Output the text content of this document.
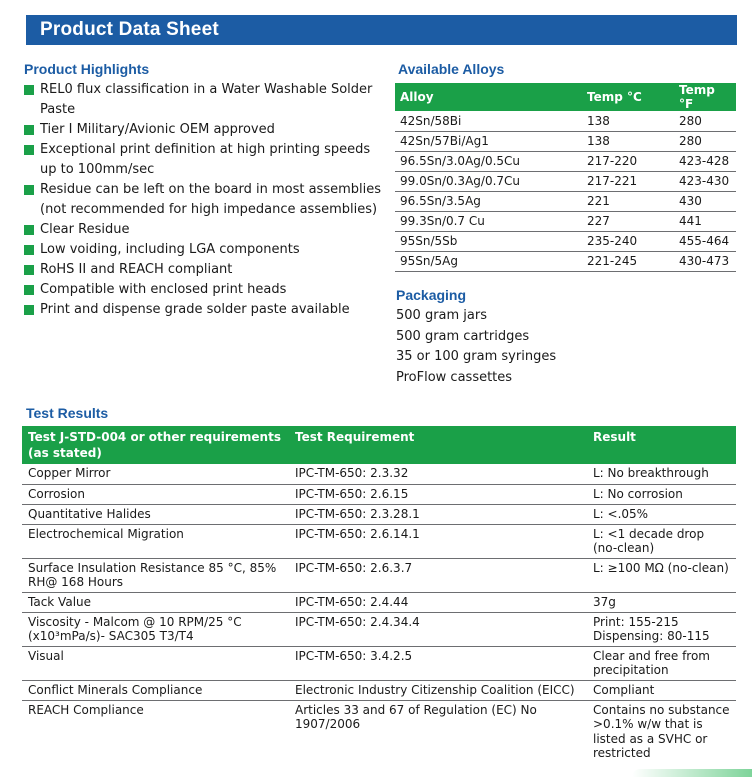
Product Data Sheet
Product Highlights
REL0 flux classification in a Water Washable Solder Paste
Tier I Military/Avionic OEM approved
Exceptional print definition at high printing speeds up to 100mm/sec
Residue can be left on the board in most assemblies (not recommended for high impedance assemblies)
Clear Residue
Low voiding, including LGA components
RoHS II and REACH compliant
Compatible with enclosed print heads
Print and dispense grade solder paste available
Available Alloys
Alloy	Temp °C	Temp °F
42Sn/58Bi	138	280
42Sn/57Bi/Ag1	138	280
96.5Sn/3.0Ag/0.5Cu	217-220	423-428
99.0Sn/0.3Ag/0.7Cu	217-221	423-430
96.5Sn/3.5Ag	221	430
99.3Sn/0.7 Cu	227	441
95Sn/5Sb	235-240	455-464
95Sn/5Ag	221-245	430-473
Packaging
500 gram jars
500 gram cartridges
35 or 100 gram syringes
ProFlow cassettes
Test Results
Test J-STD-004 or other requirements (as stated)	Test Requirement	Result
Copper Mirror	IPC-TM-650: 2.3.32	L: No breakthrough
Corrosion	IPC-TM-650: 2.6.15	L: No corrosion
Quantitative Halides	IPC-TM-650: 2.3.28.1	L: <.05%
Electrochemical Migration	IPC-TM-650: 2.6.14.1	L: <1 decade drop (no-clean)
Surface Insulation Resistance 85 °C, 85% RH@ 168 Hours	IPC-TM-650: 2.6.3.7	L: ≥100 MΩ (no-clean)
Tack Value	IPC-TM-650: 2.4.44	37g
Viscosity - Malcom @ 10 RPM/25 °C (x10³mPa/s)- SAC305 T3/T4	IPC-TM-650: 2.4.34.4	Print: 155-215 Dispensing: 80-115
Visual	IPC-TM-650: 3.4.2.5	Clear and free from precipitation
Conflict Minerals Compliance	Electronic Industry Citizenship Coalition (EICC)	Compliant
REACH Compliance	Articles 33 and 67 of Regulation (EC) No 1907/2006	Contains no substance >0.1% w/w that is listed as a SVHC or restricted
